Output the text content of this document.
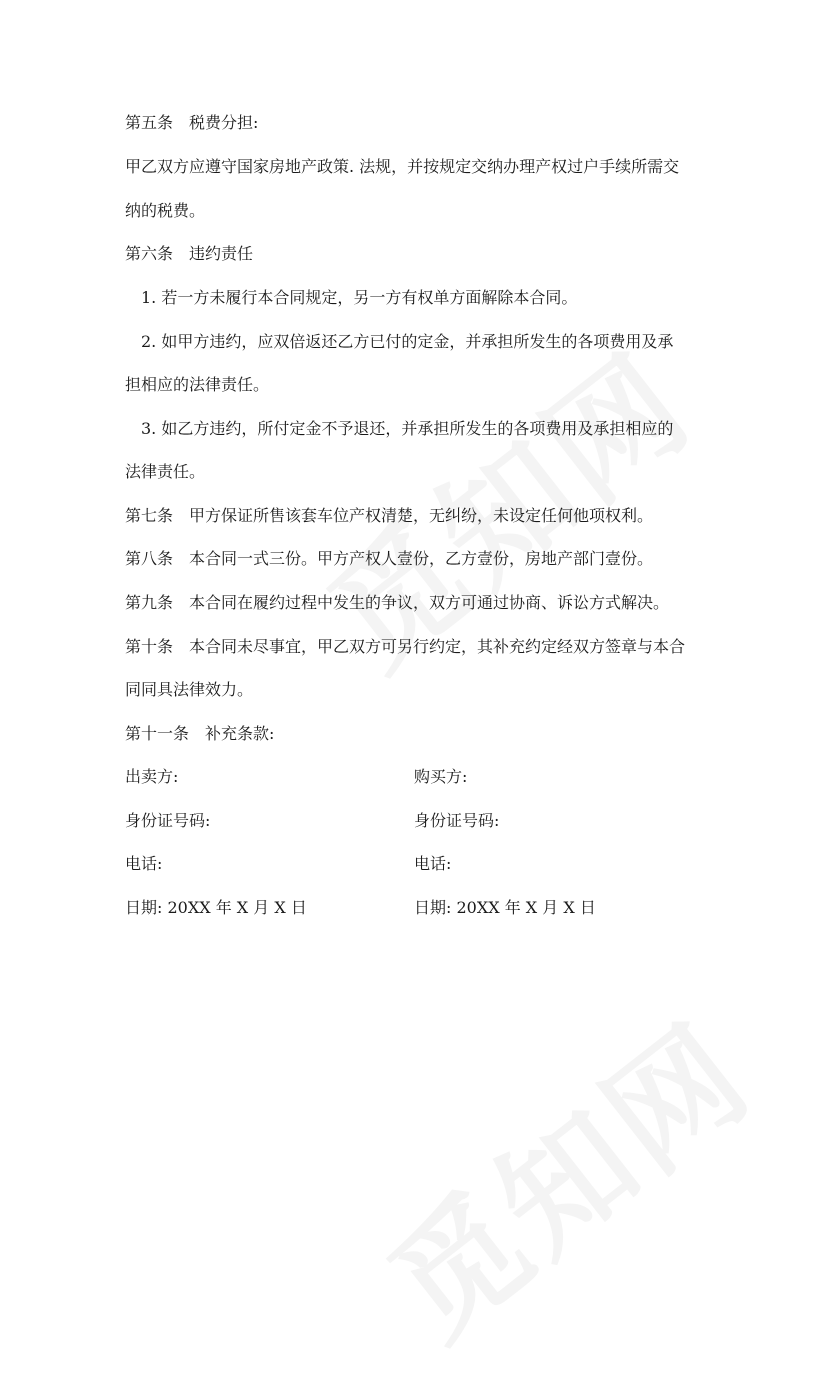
第五条　税费分担:
甲乙双方应遵守国家房地产政策. 法规，并按规定交纳办理产权过户手续所需交
纳的税费。
第六条　违约责任
1. 若一方未履行本合同规定，另一方有权单方面解除本合同。
2. 如甲方违约，应双倍返还乙方已付的定金，并承担所发生的各项费用及承
担相应的法律责任。
3. 如乙方违约，所付定金不予退还，并承担所发生的各项费用及承担相应的
法律责任。
第七条　甲方保证所售该套车位产权清楚，无纠纷，未设定任何他项权利。
第八条　本合同一式三份。甲方产权人壹份，乙方壹份，房地产部门壹份。
第九条　本合同在履约过程中发生的争议，双方可通过协商、诉讼方式解决。
第十条　本合同未尽事宜，甲乙双方可另行约定，其补充约定经双方签章与本合
同同具法律效力。
第十一条　补充条款:
出卖方:	购买方:
身份证号码:	身份证号码:
电话:	电话:
日期: 20XX 年 X 月 X 日	日期: 20XX 年 X 月 X 日
